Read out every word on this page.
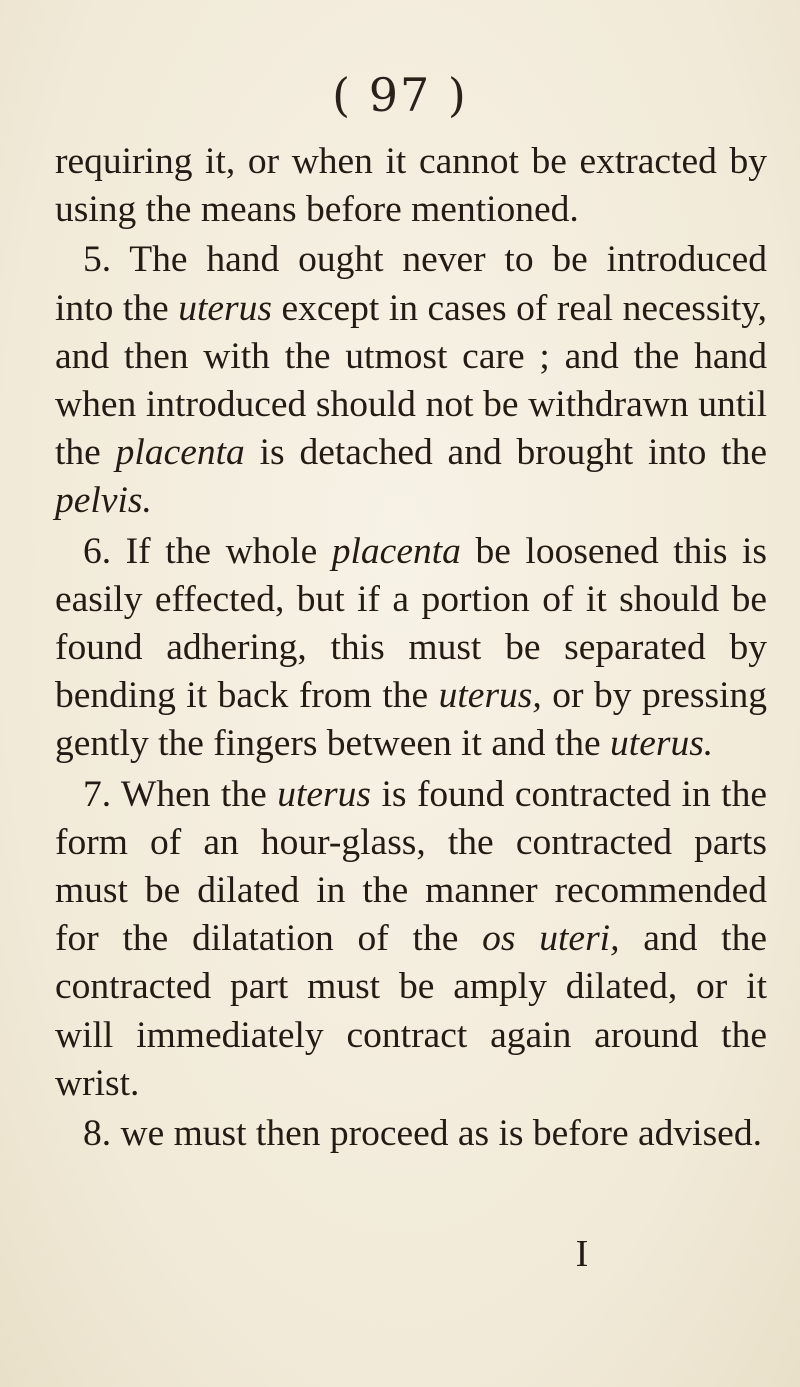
( 97 )

requiring it, or when it cannot be extracted by using the means before mentioned.

5. The hand ought never to be introduced into the uterus except in cases of real necessity, and then with the utmost care ; and the hand when introduced should not be withdrawn until the placenta is detached and brought into the pelvis.

6. If the whole placenta be loosened this is easily effected, but if a portion of it should be found adhering, this must be separated by bending it back from the uterus, or by pressing gently the fingers between it and the uterus.

7. When the uterus is found contracted in the form of an hour-glass, the contracted parts must be dilated in the manner recommended for the dilatation of the os uteri, and the contracted part must be amply dilated, or it will immediately contract again around the wrist.

8. we must then proceed as is before advised.

I
